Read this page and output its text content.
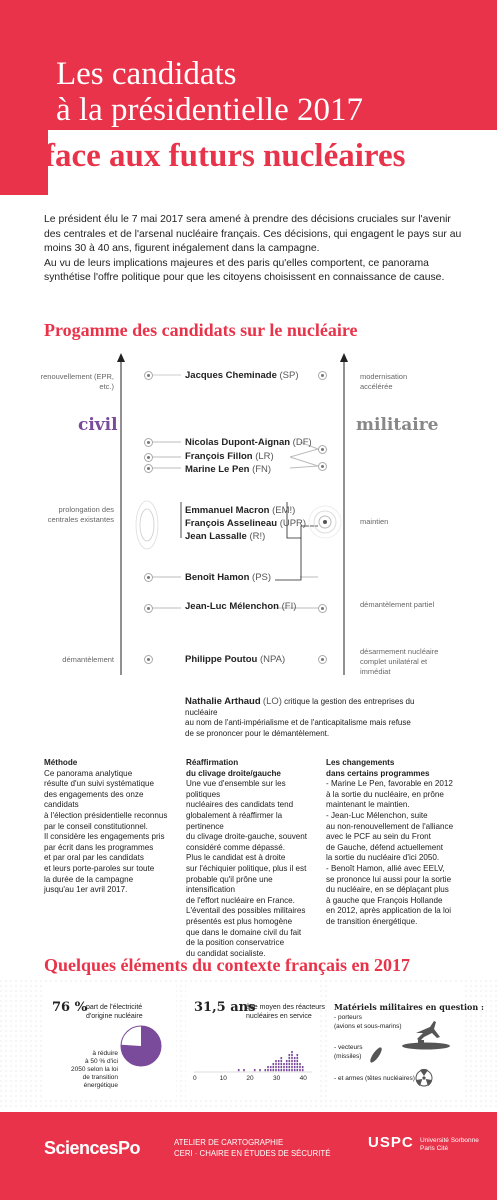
Les candidats
à la présidentielle 2017
face aux futurs nucléaires

Le président élu le 7 mai 2017 sera amené à prendre des décisions cruciales sur l'avenir des centrales et de l'arsenal nucléaire français. Ces décisions, qui engagent le pays sur au moins 30 à 40 ans, figurent inégalement dans la campagne.

Au vu de leurs implications majeures et des paris qu'elles comportent, ce panorama synthétise l'offre politique pour que les citoyens choisissent en connaissance de cause.

Progamme des candidats sur le nucléaire
renouvellement (EPR, etc.)
prolongation des centrales existantes
démantèlement
modernisation accélérée
maintien
démantèlement partiel
désarmement nucléaire complet unilatéral et immédiat
civil	militaire
Jacques Cheminade (SP)
Nicolas Dupont-Aignan (DF)
François Fillon (LR)
Marine Le Pen (FN)
Emmanuel Macron (EM!)
François Asselineau (UPR)
Jean Lassalle (R!)
Benoît Hamon (PS)
Jean-Luc Mélenchon (FI)
Philippe Poutou (NPA)
Nathalie Arthaud (LO) critique la gestion des entreprises du nucléaire
au nom de l'anti-impérialisme et de l'anticapitalisme mais refuse
de se prononcer pour le démantèlement.
Méthode
Ce panorama analytique
résulte d'un suivi systématique
des engagements des onze candidats
à l'élection présidentielle reconnus
par le conseil constitutionnel.
Il considère les engagements pris
par écrit dans les programmes
et par oral par les candidats
et leurs porte-paroles sur toute
la durée de la campagne
jusqu'au 1er avril 2017.
Réaffirmation
du clivage droite/gauche
Une vue d'ensemble sur les politiques
nucléaires des candidats tend
globalement à réaffirmer la pertinence
du clivage droite-gauche, souvent
considéré comme dépassé.
Plus le candidat est à droite
sur l'échiquier politique, plus il est
probable qu'il prône une intensification
de l'effort nucléaire en France.
L'éventail des possibles militaires
présentés est plus homogène
que dans le domaine civil du fait
de la position conservatrice
du candidat socialiste.
Les changements
dans certains programmes
- Marine Le Pen, favorable en 2012
à la sortie du nucléaire, en prône
maintenant le maintien.
- Jean-Luc Mélenchon, suite
au non-renouvellement de l'alliance
avec le PCF au sein du Front
de Gauche, défend actuellement
la sortie du nucléaire d'ici 2050.
- Benoît Hamon, allié avec EELV,
se prononce lui aussi pour la sortie
du nucléaire, en se déplaçant plus
à gauche que François Hollande
en 2012, après application de la loi
de transition énergétique.
Quelques éléments du contexte français en 2017
76 % part de l'électricité
d'origine nucléaire
à réduire
à 50 % d'ici
2050 selon la loi
de transition énergétique
31,5 ans
âge moyen des réacteurs
nucléaires en service
0	10	20	30	40
Matériels militaires en question :
- porteurs
(avions et sous-marins)
- vecteurs
(missiles)
- et armes (têtes nucléaires)
SciencesPo	ATELIER DE CARTOGRAPHIE
CERI · CHAIRE EN ÉTUDES DE SÉCURITÉ
USPC Université Sorbonne
Paris Cité
